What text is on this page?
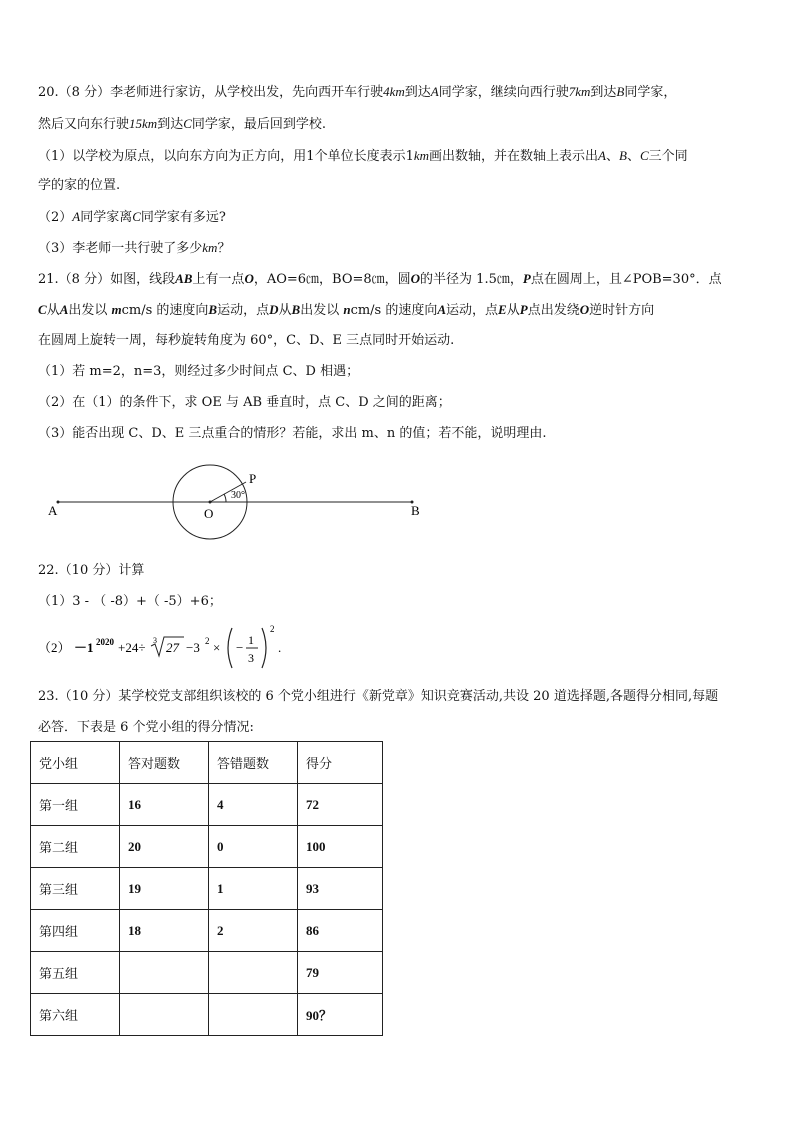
20.（8 分）李老师进行家访，从学校出发，先向西开车行驶4km到达A同学家，继续向西行驶7km到达B同学家，
然后又向东行驶15km到达C同学家，最后回到学校.
（1）以学校为原点，以向东方向为正方向，用1个单位长度表示1km画出数轴，并在数轴上表示出A、B、C三个同
学的家的位置.
（2）A同学家离C同学家有多远?
（3）李老师一共行驶了多少km？
21.（8 分）如图，线段AB上有一点O，AO=6㎝，BO=8㎝，圆O的半径为 1.5㎝，P点在圆周上，且∠POB=30°．点
C从A出发以 mcm/s 的速度向B运动，点D从B出发以 ncm/s 的速度向A运动，点E从P点出发绕O逆时针方向
在圆周上旋转一周，每秒旋转角度为 60°，C、D、E 三点同时开始运动.
（1）若 m=2，n=3，则经过多少时间点 C、D 相遇；
（2）在（1）的条件下，求 OE 与 AB 垂直时，点 C、D 之间的距离；
（3）能否出现 C、D、E 三点重合的情形？若能，求出 m、n 的值；若不能，说明理由.
A	O	B
P
30°
22.（10 分）计算
（1）3 - （ -8）+（ -5）+6；
（2） －1 2020 +24÷ 3 27 −3 2 × − 1
3
2
.
23.（10 分）某学校党支部组织该校的 6 个党小组进行《新党章》知识竞赛活动,共设 20 道选择题,各题得分相同,每题
必答．下表是 6 个党小组的得分情况:
党小组	答对题数	答错题数	得分
第一组	16	4	72
第二组	20	0	100
第三组	19	1	93
第四组	18	2	86
第五组			79
第六组			90？
